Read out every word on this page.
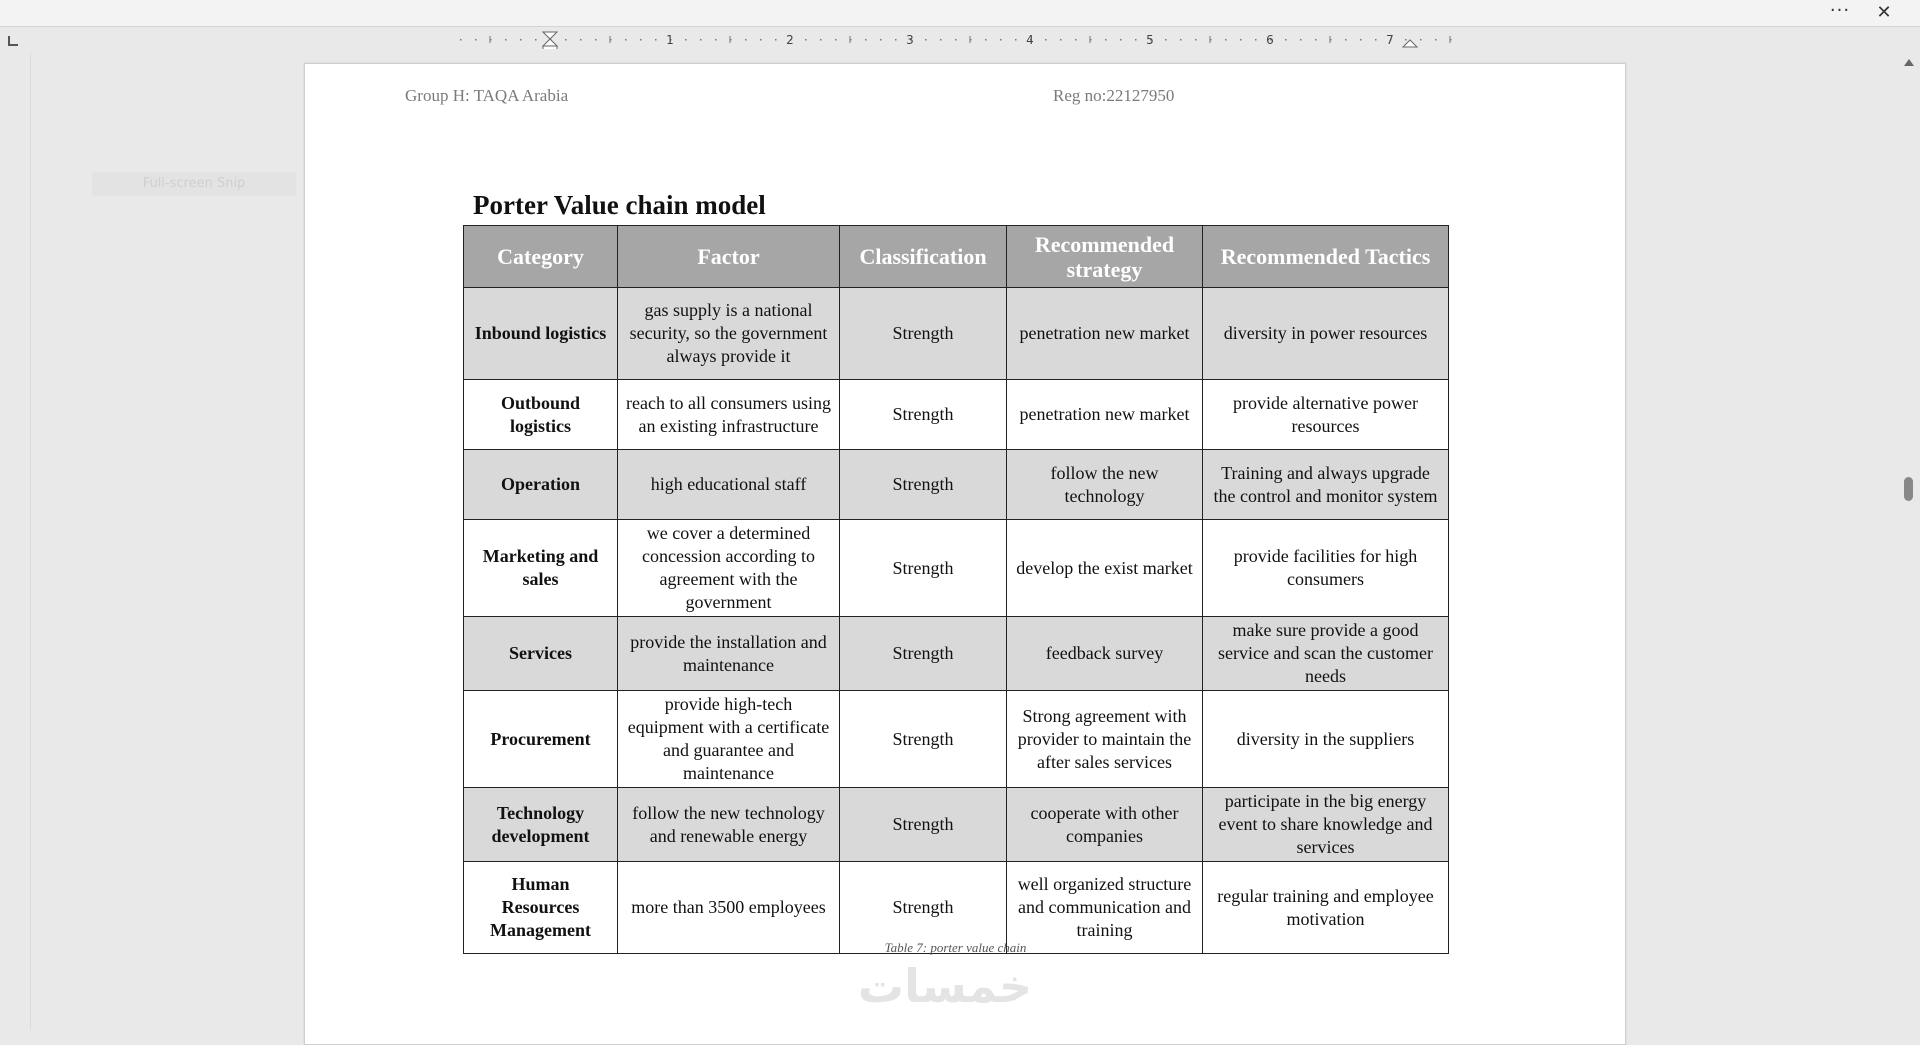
···	✕
1	2	3	4	5	6	7
Full-screen Snip
Group H: TAQA Arabia	Reg no:22127950
Porter Value chain model
Category	Factor	Classification	Recommended strategy	Recommended Tactics
Inbound logistics	gas supply is a national security, so the government always provide it	Strength	penetration new market	diversity in power resources
Outbound logistics	reach to all consumers using an existing infrastructure	Strength	penetration new market	provide alternative power resources
Operation	high educational staff	Strength	follow the new technology	Training and always upgrade the control and monitor system
Marketing and sales	we cover a determined concession according to agreement with the government	Strength	develop the exist market	provide facilities for high consumers
Services	provide the installation and maintenance	Strength	feedback survey	make sure provide a good service and scan the customer needs
Procurement	provide high-tech equipment with a certificate and guarantee and maintenance	Strength	Strong agreement with provider to maintain the after sales services	diversity in the suppliers
Technology development	follow the new technology and renewable energy	Strength	cooperate with other companies	participate in the big energy event to share knowledge and services
Human Resources Management	more than 3500 employees	Strength	well organized structure and communication and training	regular training and employee motivation
Table 7: porter value chain
خمسات
